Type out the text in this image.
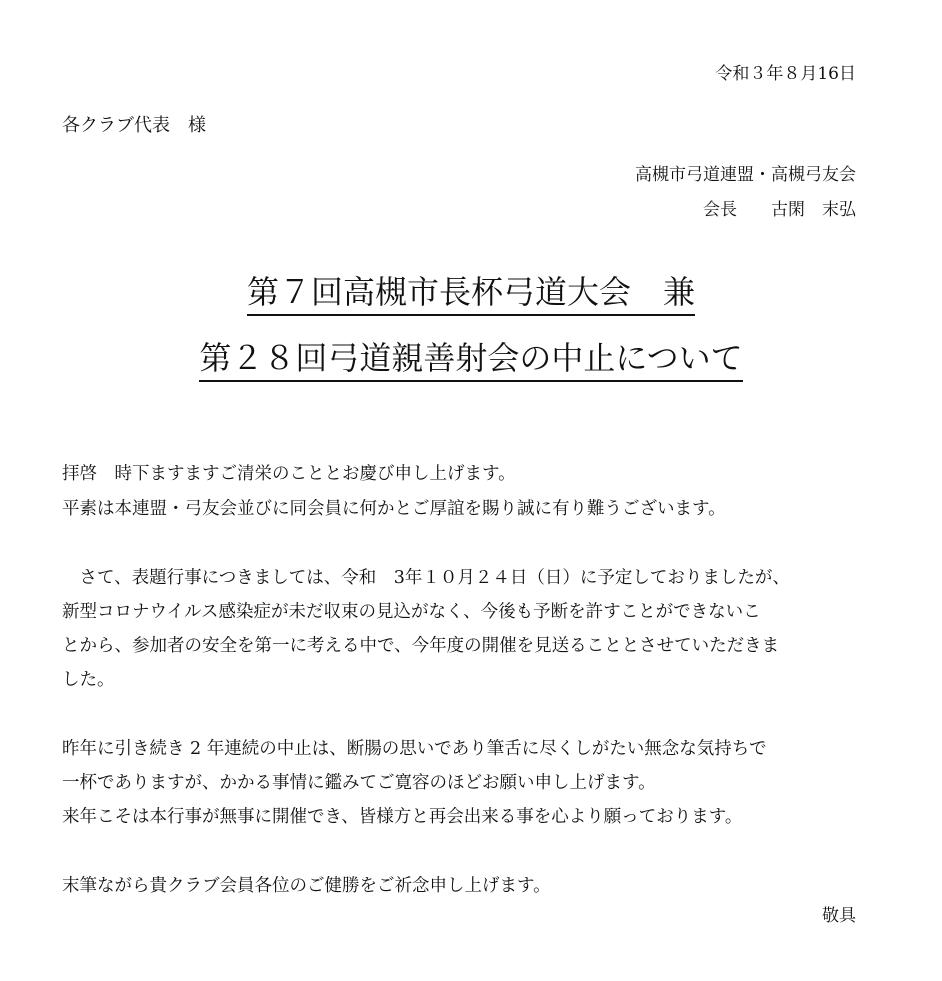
令和３年８月16日
各クラブ代表　様
高槻市弓道連盟・高槻弓友会
会長　　古閑　末弘
第７回高槻市長杯弓道大会　兼
第２８回弓道親善射会の中止について
拝啓　時下ますますご清栄のこととお慶び申し上げます。
平素は本連盟・弓友会並びに同会員に何かとご厚誼を賜り誠に有り難うございます。
　さて、表題行事につきましては、令和　3年１０月２４日（日）に予定しておりましたが、
新型コロナウイルス感染症が未だ収束の見込がなく、今後も予断を許すことができないこ
とから、参加者の安全を第一に考える中で、今年度の開催を見送ることとさせていただきま
した。
昨年に引き続き 2 年連続の中止は、断腸の思いであり筆舌に尽くしがたい無念な気持ちで
一杯でありますが、かかる事情に鑑みてご寛容のほどお願い申し上げます。
来年こそは本行事が無事に開催でき、皆様方と再会出来る事を心より願っております。
末筆ながら貴クラブ会員各位のご健勝をご祈念申し上げます。
敬具
